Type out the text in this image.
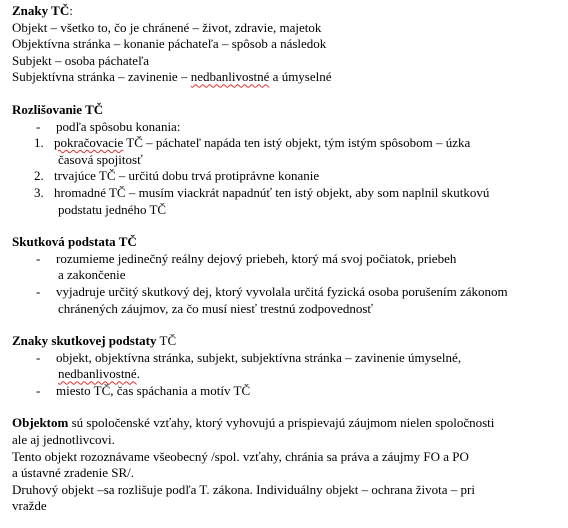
Znaky TČ:
Objekt – všetko to, čo je chránené – život, zdravie, majetok
Objektívna stránka – konanie páchateľa – spôsob a následok
Subjekt – osoba páchateľa
Subjektívna stránka – zavinenie – nedbanlivostné a úmyselné
Rozlišovanie TČ
-	podľa spôsobu konania:
1. pokračovacie TČ – páchateľ napáda ten istý objekt, tým istým spôsobom – úzka
časová spojitosť
2. trvajúce TČ – určitú dobu trvá protiprávne konanie
3. hromadné TČ – musím viackrát napadnúť ten istý objekt, aby som naplnil skutkovú
podstatu jedného TČ
Skutková podstata TČ
-	rozumieme jedinečný reálny dejový priebeh, ktorý má svoj počiatok, priebeh
a zakončenie
-	vyjadruje určitý skutkový dej, ktorý vyvolala určitá fyzická osoba porušením zákonom
chránených záujmov, za čo musí niesť trestnú zodpovednosť
Znaky skutkovej podstaty TČ
-	objekt, objektívna stránka, subjekt, subjektívna stránka – zavinenie úmyselné,
nedbanlivostné.
-	miesto TČ, čas spáchania a motív TČ
Objektom sú spoločenské vzťahy, ktorý vyhovujú a prispievajú záujmom nielen spoločnosti
ale aj jednotlivcovi.
Tento objekt rozoznávame všeobecný /spol. vzťahy, chránia sa práva a záujmy FO a PO
a ústavné zradenie SR/.
Druhový objekt –sa rozlišuje podľa T. zákona. Individuálny objekt – ochrana života – pri
vražde
